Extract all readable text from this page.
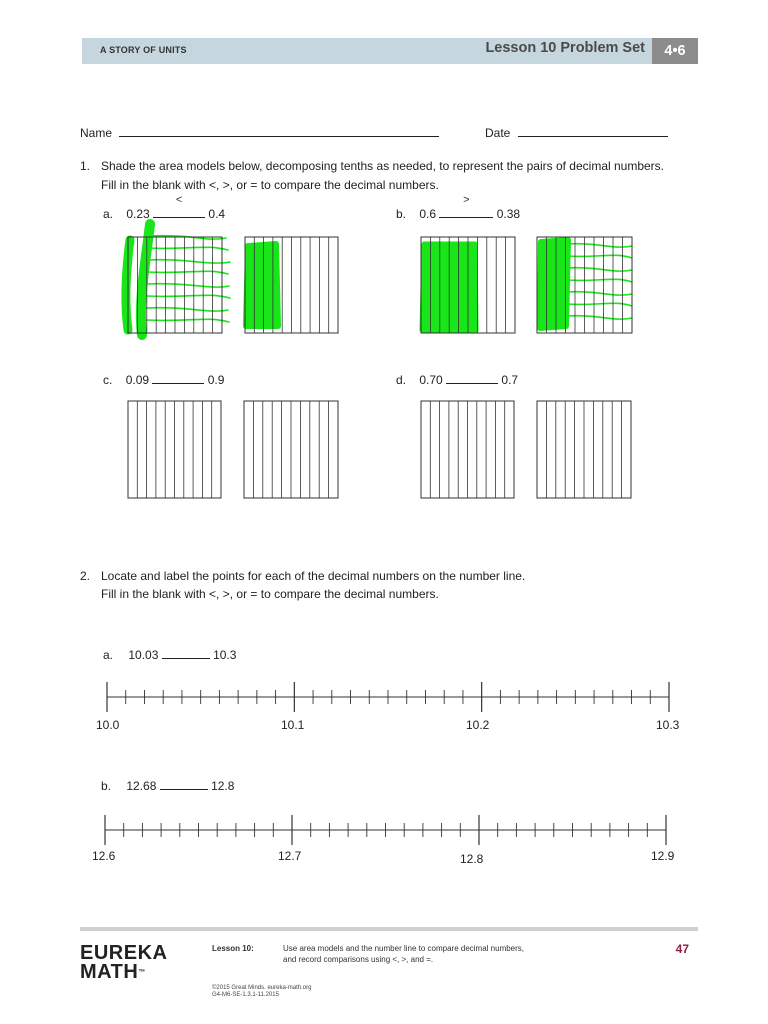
A STORY OF UNITS	Lesson 10 Problem Set	4•6
Name	Date
1. Shade the area models below, decomposing tenths as needed, to represent the pairs of decimal numbers.
Fill in the blank with <, >, or = to compare the decimal numbers.
a. 0.23
<
0.4	b. 0.6
>
0.38
c. 0.09	0.9	d. 0.70	0.7
2. Locate and label the points for each of the decimal numbers on the number line.
Fill in the blank with <, >, or = to compare the decimal numbers.
a. 10.03	10.3
b. 12.68	12.8
10.0	10.1	10.2	10.3
12.6	12.7	12.8	12.9
EUREKA
MATH™
Lesson 10:	Use area models and the number line to compare decimal numbers,
and record comparisons using <, >, and =.
47
©2015 Great Minds. eureka-math.org
G4-M6-SE-1.3.1-11.2015
